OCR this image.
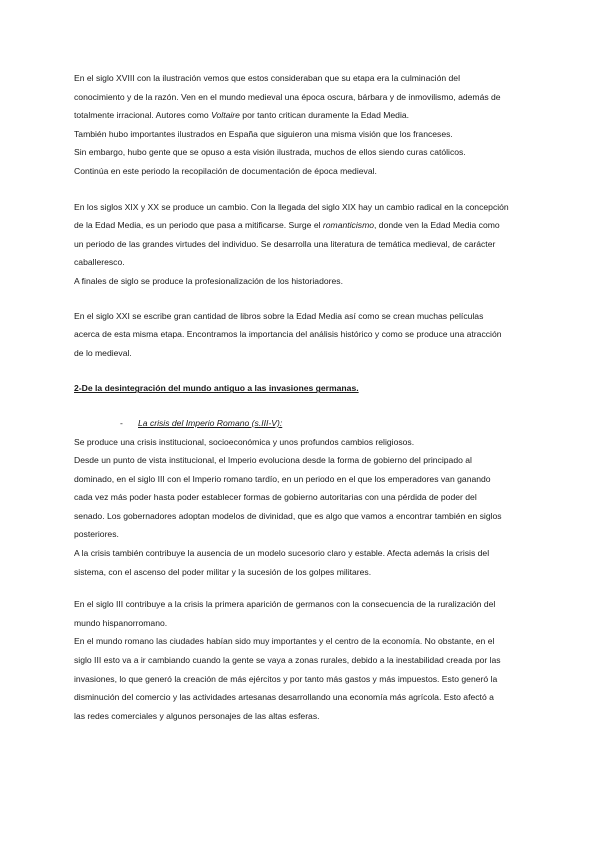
En el siglo XVIII con la ilustración vemos que estos consideraban que su etapa era la culminación del

conocimiento y de la razón. Ven en el mundo medieval una época oscura, bárbara y de inmovilismo, además de

totalmente irracional. Autores como Voltaire por tanto critican duramente la Edad Media.

También hubo importantes ilustrados en España que siguieron una misma visión que los franceses.

Sin embargo, hubo gente que se opuso a esta visión ilustrada, muchos de ellos siendo curas católicos.

Continúa en este periodo la recopilación de documentación de época medieval.

En los siglos XIX y XX se produce un cambio. Con la llegada del siglo XIX hay un cambio radical en la concepción

de la Edad Media, es un periodo que pasa a mitificarse. Surge el romanticismo, donde ven la Edad Media como

un periodo de las grandes virtudes del individuo. Se desarrolla una literatura de temática medieval, de carácter

caballeresco.

A finales de siglo se produce la profesionalización de los historiadores.

En el siglo XXI se escribe gran cantidad de libros sobre la Edad Media así como se crean muchas películas

acerca de esta misma etapa. Encontramos la importancia del análisis histórico y como se produce una atracción

de lo medieval.

2-De la desintegración del mundo antiguo a las invasiones germanas.

- La crisis del Imperio Romano (s.III-V):

Se produce una crisis institucional, socioeconómica y unos profundos cambios religiosos.

Desde un punto de vista institucional, el Imperio evoluciona desde la forma de gobierno del principado al

dominado, en el siglo III con el Imperio romano tardío, en un periodo en el que los emperadores van ganando

cada vez más poder hasta poder establecer formas de gobierno autoritarias con una pérdida de poder del

senado. Los gobernadores adoptan modelos de divinidad, que es algo que vamos a encontrar también en siglos

posteriores.

A la crisis también contribuye la ausencia de un modelo sucesorio claro y estable. Afecta además la crisis del

sistema, con el ascenso del poder militar y la sucesión de los golpes militares.

En el siglo III contribuye a la crisis la primera aparición de germanos con la consecuencia de la ruralización del

mundo hispanorromano.

En el mundo romano las ciudades habían sido muy importantes y el centro de la economía. No obstante, en el

siglo III esto va a ir cambiando cuando la gente se vaya a zonas rurales, debido a la inestabilidad creada por las

invasiones, lo que generó la creación de más ejércitos y por tanto más gastos y más impuestos. Esto generó la

disminución del comercio y las actividades artesanas desarrollando una economía más agrícola. Esto afectó a

las redes comerciales y algunos personajes de las altas esferas.
